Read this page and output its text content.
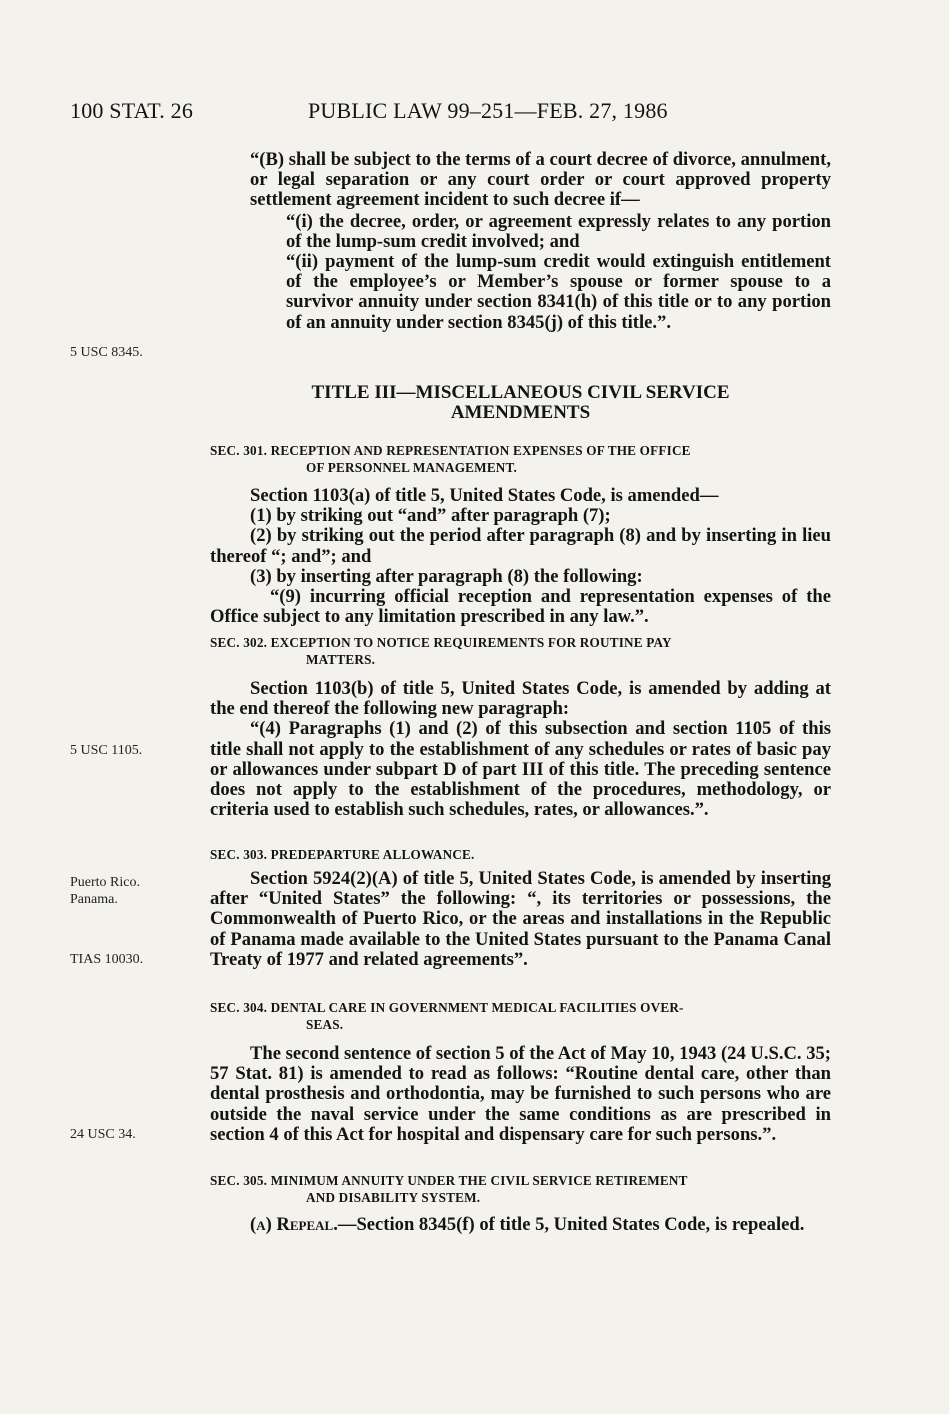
100 STAT. 26	PUBLIC LAW 99–251—FEB. 27, 1986

“(B) shall be subject to the terms of a court decree of divorce, annulment, or legal separation or any court order or court approved property settlement agreement incident to such decree if—

“(i) the decree, order, or agreement expressly relates to any portion of the lump-sum credit involved; and

“(ii) payment of the lump-sum credit would extinguish entitlement of the employee’s or Member’s spouse or former spouse to a survivor annuity under section 8341(h) of this title or to any portion of an annuity under section 8345(j) of this title.”.

5 USC 8345.
TITLE III—MISCELLANEOUS CIVIL SERVICE
AMENDMENTS
SEC. 301. RECEPTION AND REPRESENTATION EXPENSES OF THE OFFICE
OF PERSONNEL MANAGEMENT.

Section 1103(a) of title 5, United States Code, is amended—

(1) by striking out “and” after paragraph (7);

(2) by striking out the period after paragraph (8) and by inserting in lieu thereof “; and”; and

(3) by inserting after paragraph (8) the following:

“(9) incurring official reception and representation expenses of the Office subject to any limitation prescribed in any law.”.

SEC. 302. EXCEPTION TO NOTICE REQUIREMENTS FOR ROUTINE PAY
MATTERS.

Section 1103(b) of title 5, United States Code, is amended by adding at the end thereof the following new paragraph:

“(4) Paragraphs (1) and (2) of this subsection and section 1105 of this title shall not apply to the establishment of any schedules or rates of basic pay or allowances under subpart D of part III of this title. The preceding sentence does not apply to the establishment of the procedures, methodology, or criteria used to establish such schedules, rates, or allowances.”.

5 USC 1105.
SEC. 303. PREDEPARTURE ALLOWANCE.

Section 5924(2)(A) of title 5, United States Code, is amended by inserting after “United States” the following: “, its territories or possessions, the Commonwealth of Puerto Rico, or the areas and installations in the Republic of Panama made available to the United States pursuant to the Panama Canal Treaty of 1977 and related agreements”.

Puerto Rico.
Panama.
TIAS 10030.
SEC. 304. DENTAL CARE IN GOVERNMENT MEDICAL FACILITIES OVER-
SEAS.

The second sentence of section 5 of the Act of May 10, 1943 (24 U.S.C. 35; 57 Stat. 81) is amended to read as follows: “Routine dental care, other than dental prosthesis and orthodontia, may be furnished to such persons who are outside the naval service under the same conditions as are prescribed in section 4 of this Act for hospital and dispensary care for such persons.”.

24 USC 34.
SEC. 305. MINIMUM ANNUITY UNDER THE CIVIL SERVICE RETIREMENT
AND DISABILITY SYSTEM.

(a) Repeal.—Section 8345(f) of title 5, United States Code, is repealed.
